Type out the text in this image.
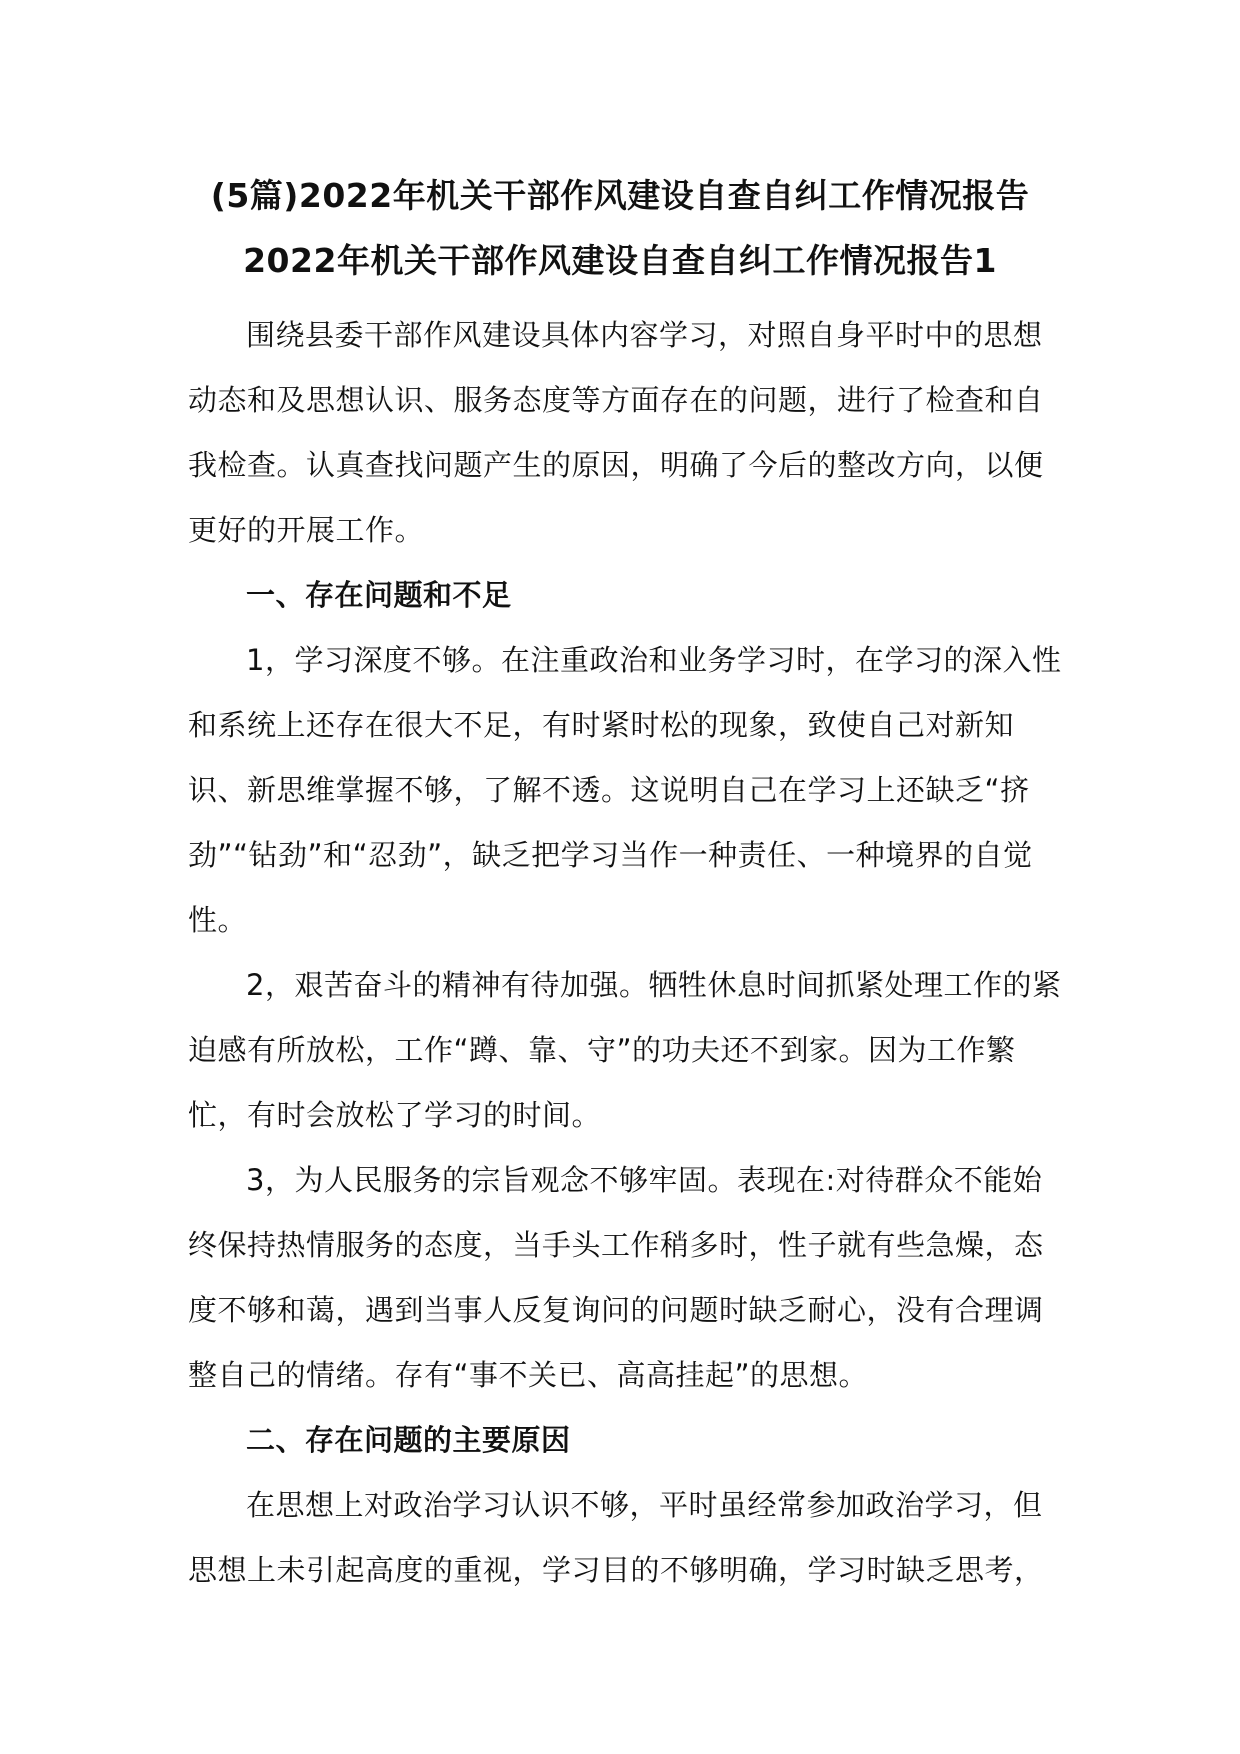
(5篇)2022年机关干部作风建设自查自纠工作情况报告
2022年机关干部作风建设自查自纠工作情况报告1

围绕县委干部作风建设具体内容学习，对照自身平时中的思想动态和及思想认识、服务态度等方面存在的问题，进行了检查和自我检查。认真查找问题产生的原因，明确了今后的整改方向，以便更好的开展工作。

一、存在问题和不足

1，学习深度不够。在注重政治和业务学习时，在学习的深入性和系统上还存在很大不足，有时紧时松的现象，致使自己对新知识、新思维掌握不够，了解不透。这说明自己在学习上还缺乏“挤劲”“钻劲”和“忍劲”，缺乏把学习当作一种责任、一种境界的自觉性。

2，艰苦奋斗的精神有待加强。牺牲休息时间抓紧处理工作的紧迫感有所放松，工作“蹲、靠、守”的功夫还不到家。因为工作繁忙，有时会放松了学习的时间。

3，为人民服务的宗旨观念不够牢固。表现在:对待群众不能始终保持热情服务的态度，当手头工作稍多时，性子就有些急燥，态度不够和蔼，遇到当事人反复询问的问题时缺乏耐心，没有合理调整自己的情绪。存有“事不关已、高高挂起”的思想。

二、存在问题的主要原因

在思想上对政治学习认识不够，平时虽经常参加政治学习，但思想上未引起高度的重视，学习目的不够明确，学习时缺乏思考，
